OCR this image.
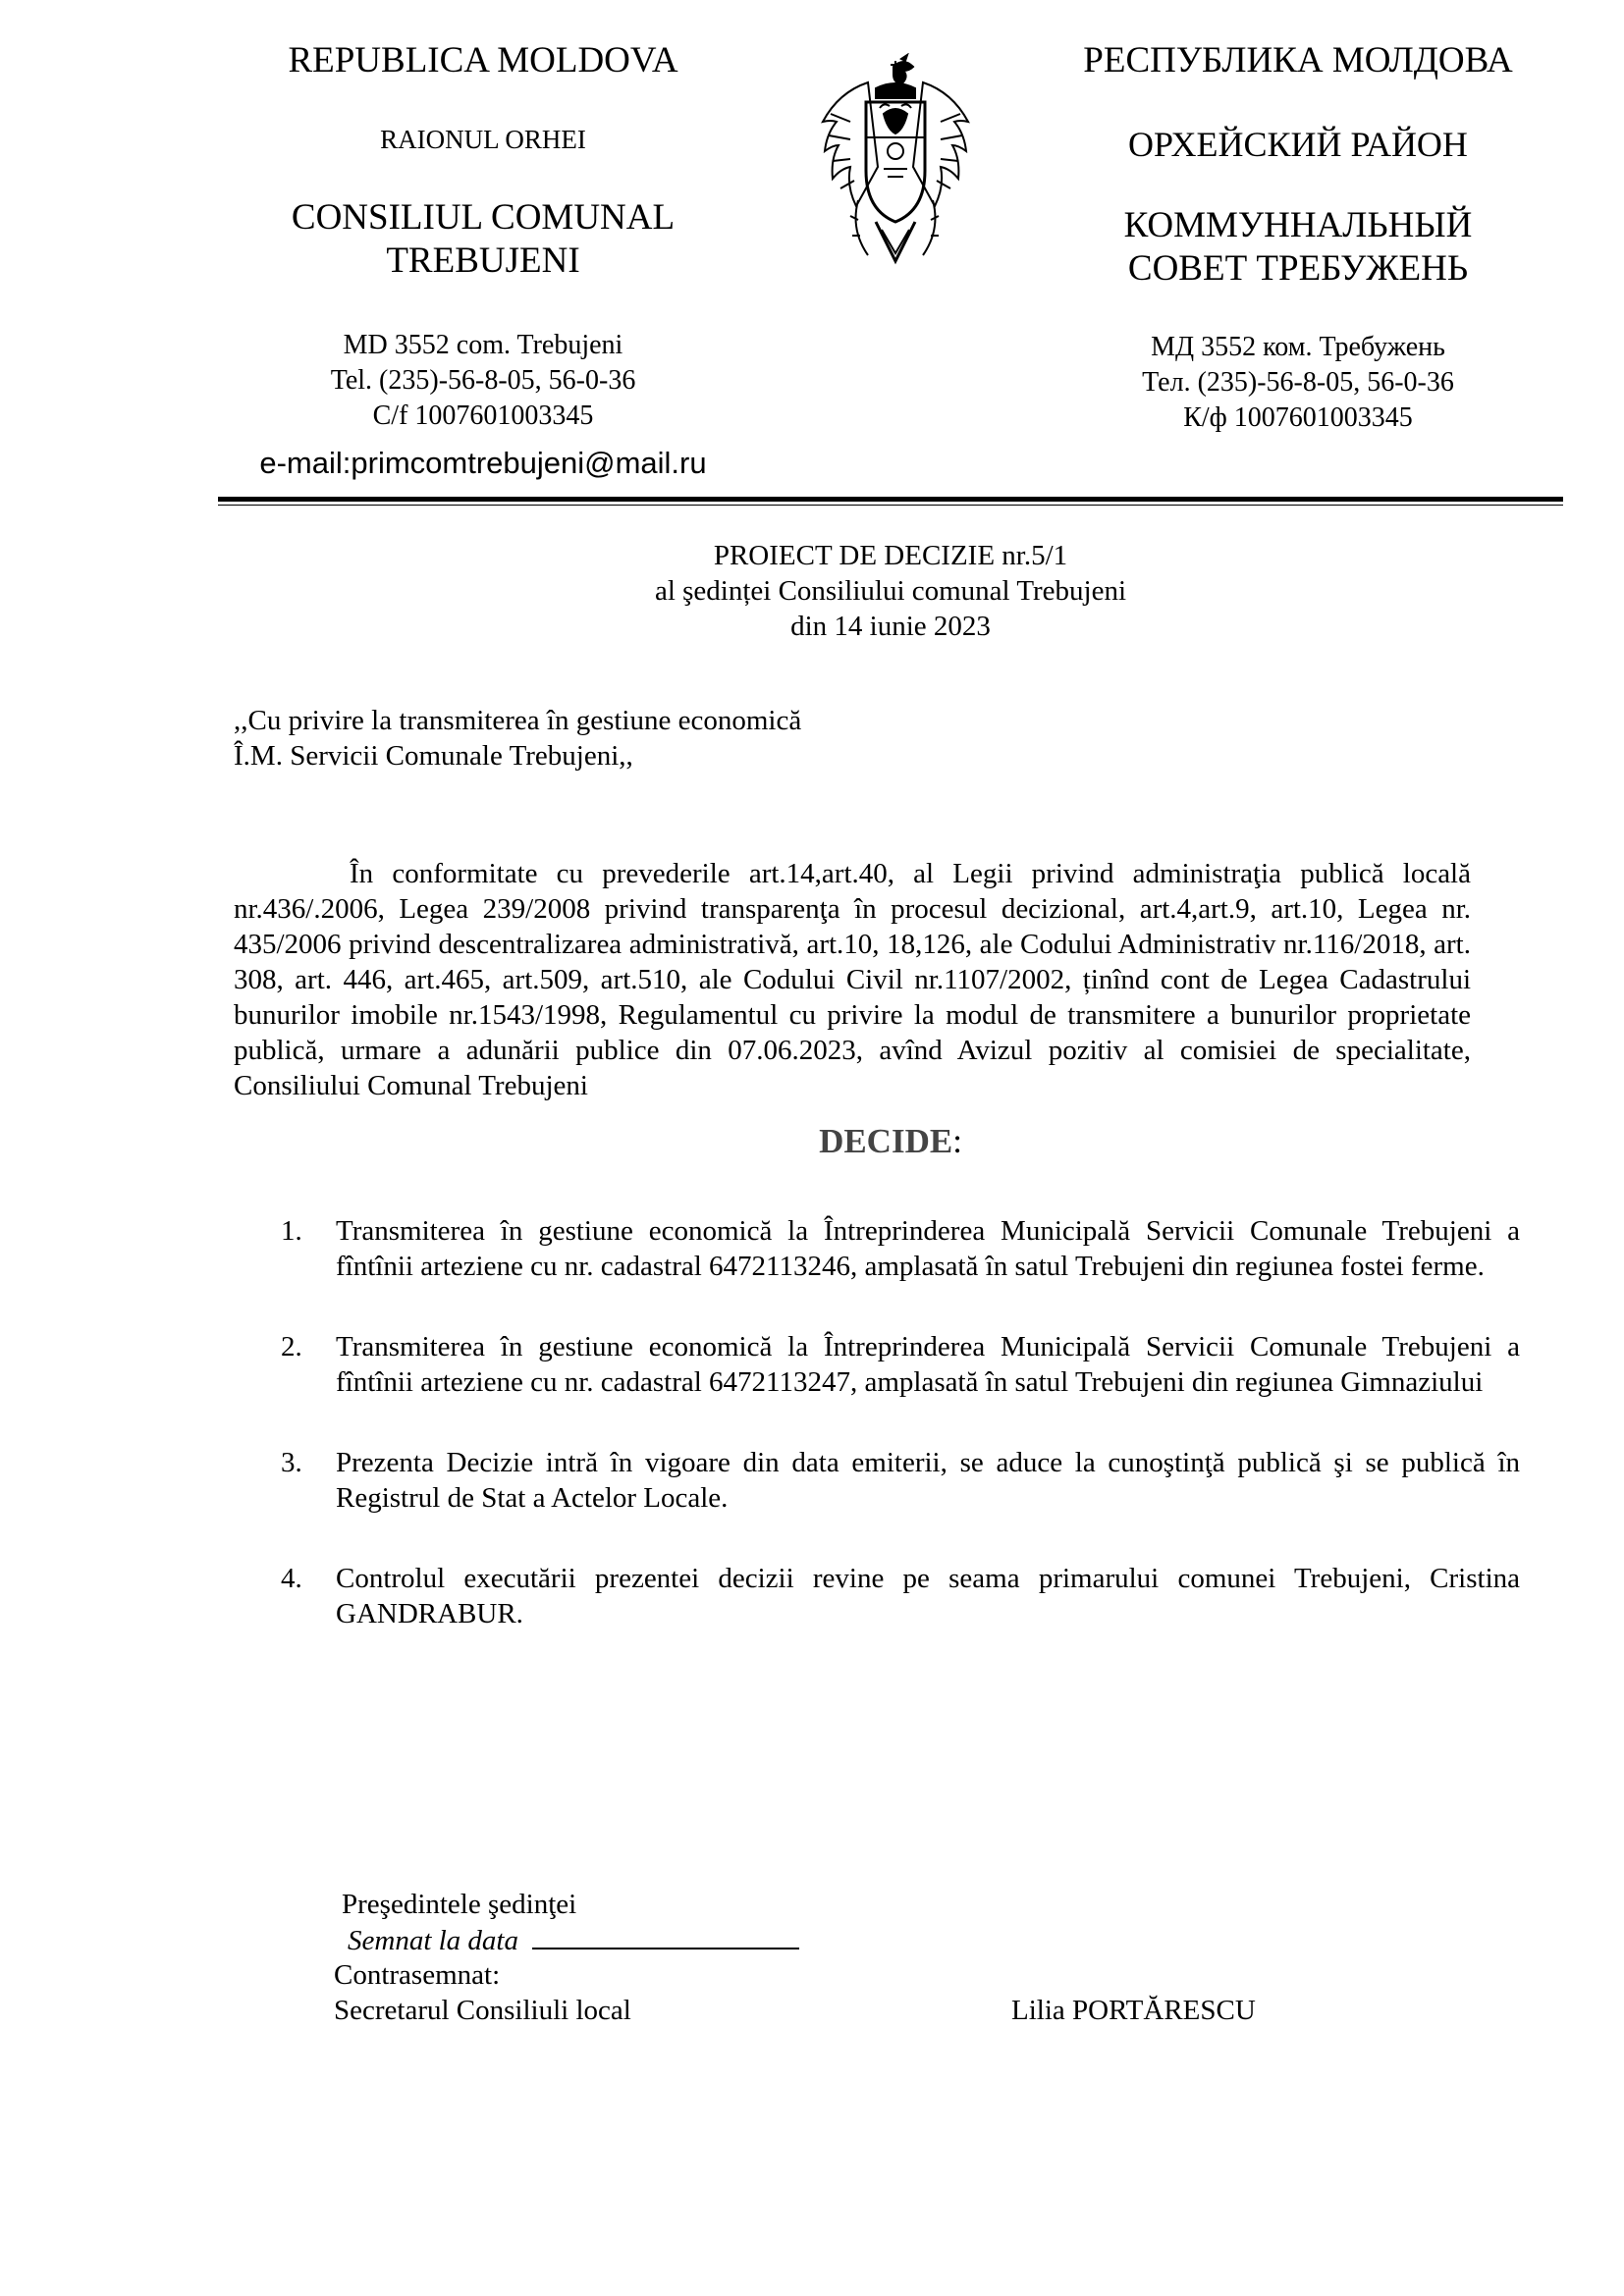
REPUBLICA MOLDOVA
RAIONUL ORHEI
CONSILIUL COMUNAL
TREBUJENI
MD 3552 com. Trebujeni
Tel. (235)-56-8-05, 56-0-36
C/f 1007601003345
e-mail:primcomtrebujeni@mail.ru
РЕСПУБЛИКА МОЛДОВА
ОРХЕЙСКИЙ РАЙОН
КОММУННАЛЬНЫЙ
СОВЕТ ТРЕБУЖЕНЬ
МД 3552 ком. Требужень
Тел. (235)-56-8-05, 56-0-36
К/ф 1007601003345
PROIECT DE DECIZIE nr.5/1
al şedinței Consiliului comunal Trebujeni
din 14 iunie 2023
,,Cu privire la transmiterea în gestiune economică
Î.M. Servicii Comunale Trebujeni,,
În conformitate cu prevederile art.14,art.40, al Legii privind administraţia publică locală nr.436/.2006, Legea 239/2008 privind transparenţa în procesul decizional, art.4,art.9, art.10, Legea nr. 435/2006 privind descentralizarea administrativă, art.10, 18,126, ale Codului Administrativ nr.116/2018, art. 308, art. 446, art.465, art.509, art.510, ale Codului Civil nr.1107/2002, ținînd cont de Legea Cadastrului bunurilor imobile nr.1543/1998, Regulamentul cu privire la modul de transmitere a bunurilor proprietate publică, urmare a adunării publice din 07.06.2023, avînd Avizul pozitiv al comisiei de specialitate, Consiliului Comunal Trebujeni
DECIDE:
1. Transmiterea în gestiune economică la Întreprinderea Municipală Servicii Comunale Trebujeni a fîntînii arteziene cu nr. cadastral 6472113246, amplasată în satul Trebujeni din regiunea fostei ferme.
2. Transmiterea în gestiune economică la Întreprinderea Municipală Servicii Comunale Trebujeni a fîntînii arteziene cu nr. cadastral 6472113247, amplasată în satul Trebujeni din regiunea Gimnaziului
3. Prezenta Decizie intră în vigoare din data emiterii, se aduce la cunoştinţă publică şi se publică în Registrul de Stat a Actelor Locale.
4. Controlul executării prezentei decizii revine pe seama primarului comunei Trebujeni, Cristina GANDRABUR.
Preşedintele şedinţei
Semnat la data
Contrasemnat:
Secretarul Consiliuli local	Lilia PORTĂRESCU
